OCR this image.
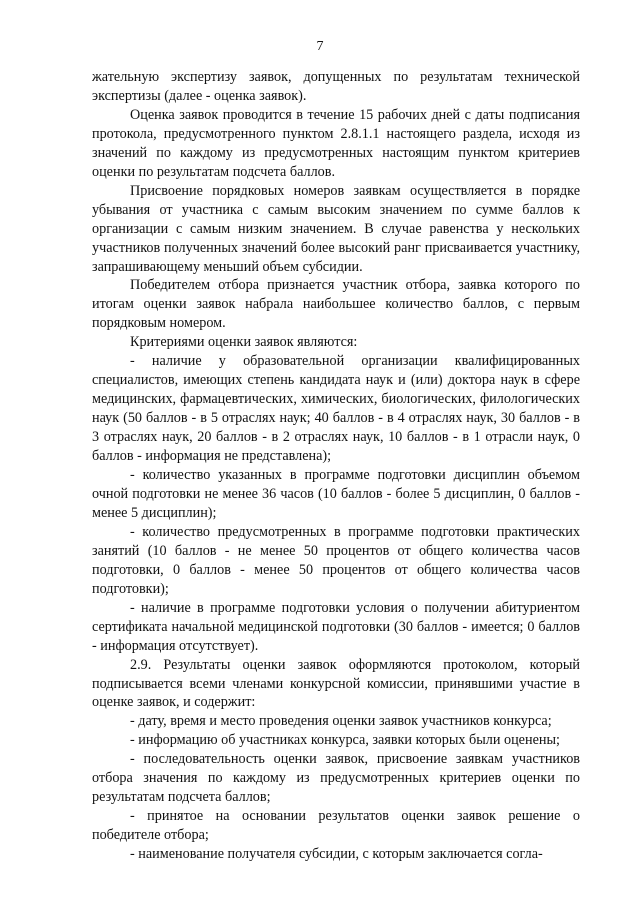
7

жательную экспертизу заявок, допущенных по результатам технической экспертизы (далее - оценка заявок).

Оценка заявок проводится в течение 15 рабочих дней с даты подписания протокола, предусмотренного пунктом 2.8.1.1 настоящего раздела, исходя из значений по каждому из предусмотренных настоящим пунктом критериев оценки по результатам подсчета баллов.

Присвоение порядковых номеров заявкам осуществляется в порядке убывания от участника с самым высоким значением по сумме баллов к организации с самым низким значением. В случае равенства у нескольких участников полученных значений более высокий ранг присваивается участнику, запрашивающему меньший объем субсидии.

Победителем отбора признается участник отбора, заявка которого по итогам оценки заявок набрала наибольшее количество баллов, с первым порядковым номером.

Критериями оценки заявок являются:

- наличие у образовательной организации квалифицированных специалистов, имеющих степень кандидата наук и (или) доктора наук в сфере медицинских, фармацевтических, химических, биологических, филологических наук (50 баллов - в 5 отраслях наук; 40 баллов - в 4 отраслях наук, 30 баллов - в 3 отраслях наук, 20 баллов - в 2 отраслях наук, 10 баллов - в 1 отрасли наук, 0 баллов - информация не представлена);

- количество указанных в программе подготовки дисциплин объемом очной подготовки не менее 36 часов (10 баллов - более 5 дисциплин, 0 баллов - менее 5 дисциплин);

- количество предусмотренных в программе подготовки практических занятий (10 баллов - не менее 50 процентов от общего количества часов подготовки, 0 баллов - менее 50 процентов от общего количества часов подготовки);

- наличие в программе подготовки условия о получении абитуриентом сертификата начальной медицинской подготовки (30 баллов - имеется; 0 баллов - информация отсутствует).

2.9. Результаты оценки заявок оформляются протоколом, который подписывается всеми членами конкурсной комиссии, принявшими участие в оценке заявок, и содержит:

- дату, время и место проведения оценки заявок участников конкурса;

- информацию об участниках конкурса, заявки которых были оценены;

- последовательность оценки заявок, присвоение заявкам участников отбора значения по каждому из предусмотренных критериев оценки по результатам подсчета баллов;

- принятое на основании результатов оценки заявок решение о победителе отбора;

- наименование получателя субсидии, с которым заключается согла-
